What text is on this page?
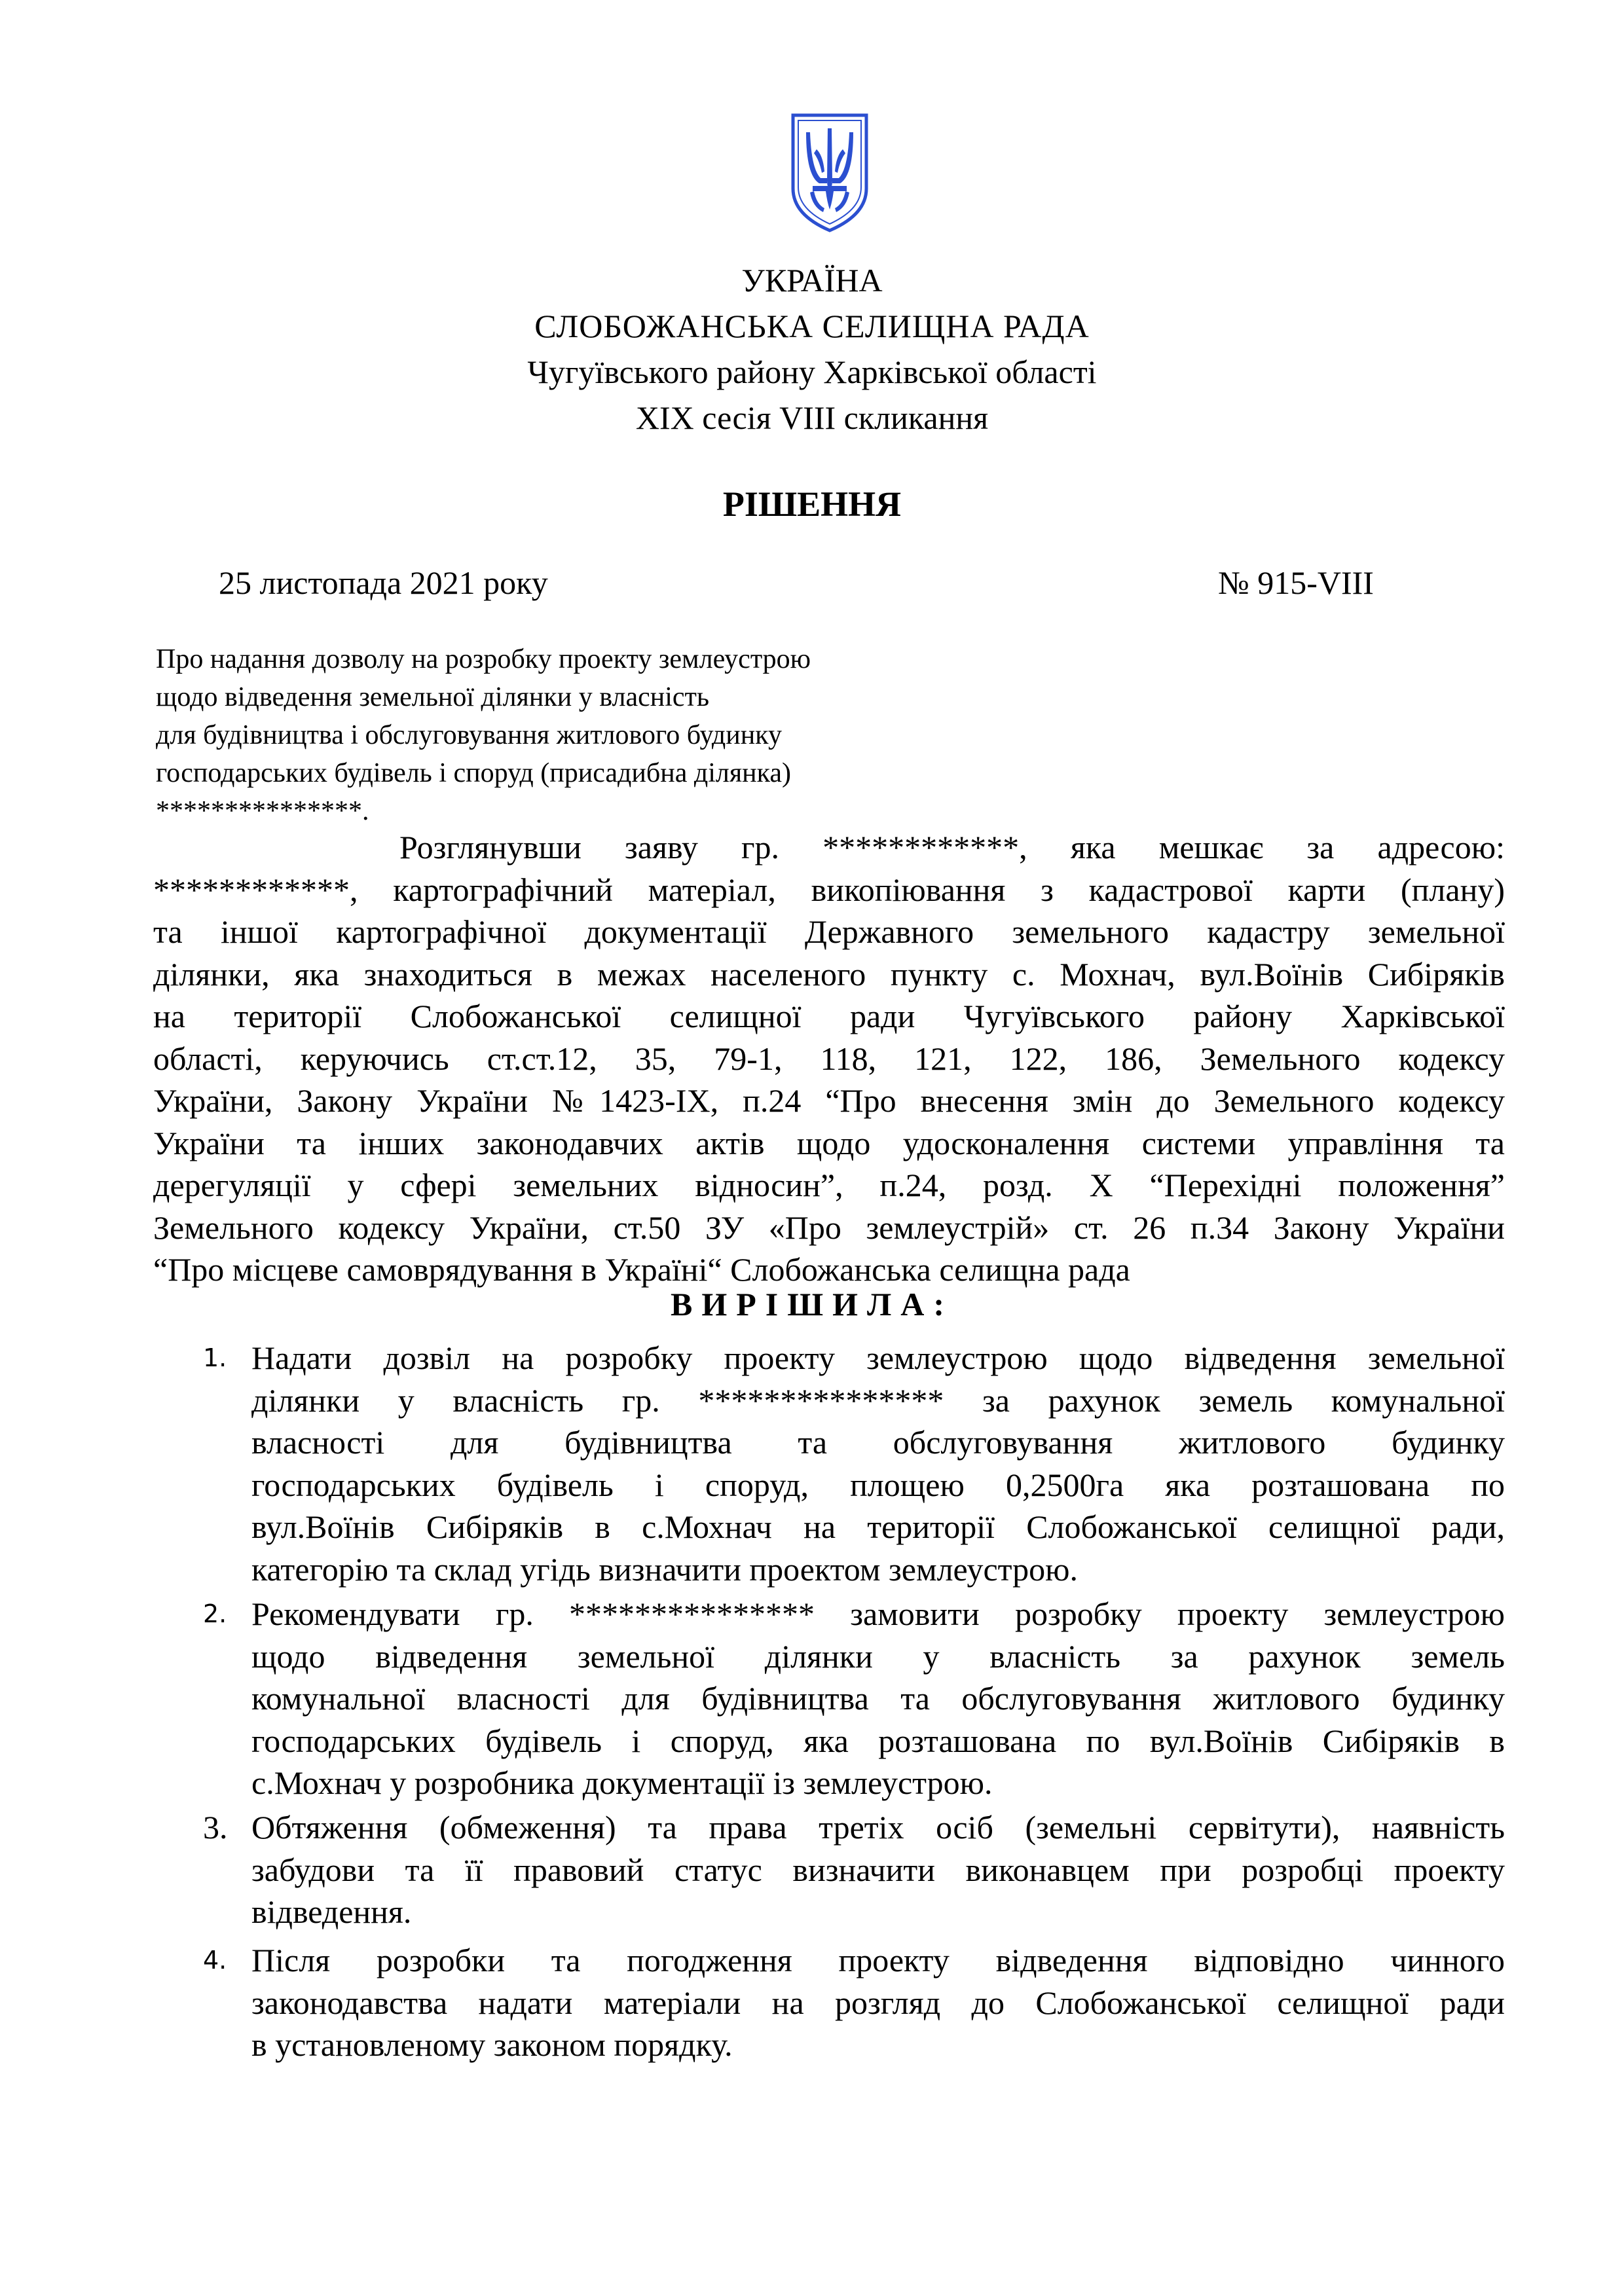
УКРАЇНА
СЛОБОЖАНСЬКА СЕЛИЩНА РАДА
Чугуївського району Харківської області
XIX сесія VIII скликання
РІШЕННЯ
25 листопада 2021 року	№ 915-VIII
Про надання дозволу на розробку проекту землеустрою
щодо відведення земельної ділянки у власність
для будівництва і обслуговування житлового будинку
господарських будівель і споруд (присадибна ділянка)
***************.
Розглянувши заяву гр. ************, яка мешкає за адресою:
************, картографічний матеріал, викопіювання з кадастрової карти (плану)
та іншої картографічної документації Державного земельного кадастру земельної
ділянки, яка знаходиться в межах населеного пункту с. Мохнач, вул.Воїнів Сибіряків
на території Слобожанської селищної ради Чугуївського району Харківської
області, керуючись ст.ст.12, 35, 79-1, 118, 121, 122, 186, Земельного кодексу
України, Закону України №1423-IX, п.24 “Про внесення змін до Земельного кодексу
України та інших законодавчих актів щодо удосконалення системи управління та
дерегуляції у сфері земельних відносин”, п.24, розд. Х “Перехідні положення”
Земельного кодексу України, ст.50 ЗУ «Про землеустрій» ст. 26 п.34 Закону України
“Про місцеве самоврядування в Україні“ Слобожанська селищна рада
ВИРІШИЛА:
1. Надати дозвіл на розробку проекту землеустрою щодо відведення земельної
ділянки у власність гр. *************** за рахунок земель комунальної
власності для будівництва та обслуговування житлового будинку
господарських будівель і споруд, площею 0,2500га яка розташована по
вул.Воїнів Сибіряків в с.Мохнач на території Слобожанської селищної ради,
категорію та склад угідь визначити проектом землеустрою.
2. Рекомендувати гр. *************** замовити розробку проекту землеустрою
щодо відведення земельної ділянки у власність за рахунок земель
комунальної власності для будівництва та обслуговування житлового будинку
господарських будівель і споруд, яка розташована по вул.Воїнів Сибіряків в
с.Мохнач у розробника документації із землеустрою.
3. Обтяження (обмеження) та права третіх осіб (земельні сервітути), наявність
забудови та її правовий статус визначити виконавцем при розробці проекту
відведення.
4. Після розробки та погодження проекту відведення відповідно чинного
законодавства надати матеріали на розгляд до Слобожанської селищної ради
в установленому законом порядку.
